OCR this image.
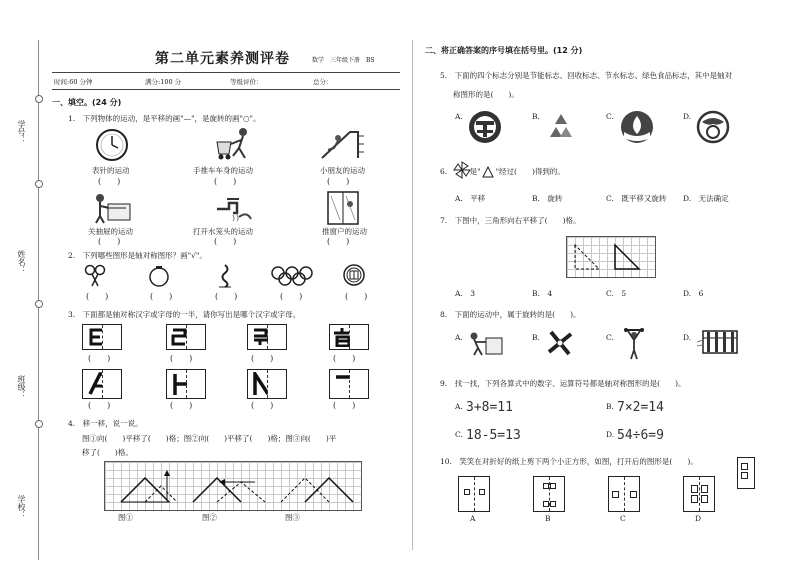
学号：
姓名：
班级：
学校：
第二单元素养测评卷	数学　三年级下册　BS
时间:60 分钟	满分:100 分	等级评价：	总分：
一、填空。(24 分)
1.　下列物体的运动，是平移的画"—"，是旋转的画"○"。
表针的运动	手推车车身的运动	小朋友的运动
(　　)	(　　)	(　　)
关抽屉的运动	打开水笼头的运动	推窗户的运动
(　　)	(　　)	(　　)
2.　下列哪些图形是轴对称图形？画"√"。
(　　)	(　　)	(　　)	(　　)	(　　)
3.　下面都是轴对称汉字或字母的一半，请你写出是哪个汉字或字母。
(　　)	(　　)	(　　)	(　　)
(　　)	(　　)	(　　)	(　　)
4.　移一移，说一说。
图①向(　　)平移了(　　)格；图②向(　　)平移了(　　)格；图③向(　　)平
移了(　　)格。
图①	图②	图③
二、将正确答案的序号填在括号里。(12 分)
5.　下面的四个标志分别是节能标志、回收标志、节水标志、绿色食品标志，其中是轴对
称图形的是(　　)。
A.	B.	C.	D.
6.　　　是"　　"经过(　　)得到的。
A.　平移	B.　旋转	C.　既平移又旋转 D.　无法确定
7.　下图中，三角形向右平移了(　　)格。
A.　3	B.　4	C.　5	D.　6
8.　下面的运动中，属于旋转的是(　　)。
A.	B.	C.	D.
9.　找一找，下列各算式中的数字、运算符号都是轴对称图形的是(　　)。
A. 3+8=11	B. 7×2=14
C. 18-5=13	D. 54÷6=9
10.　笑笑在对折好的纸上剪下两个小正方形，如图，打开后的图形是(　　)。
A	B	C	D
